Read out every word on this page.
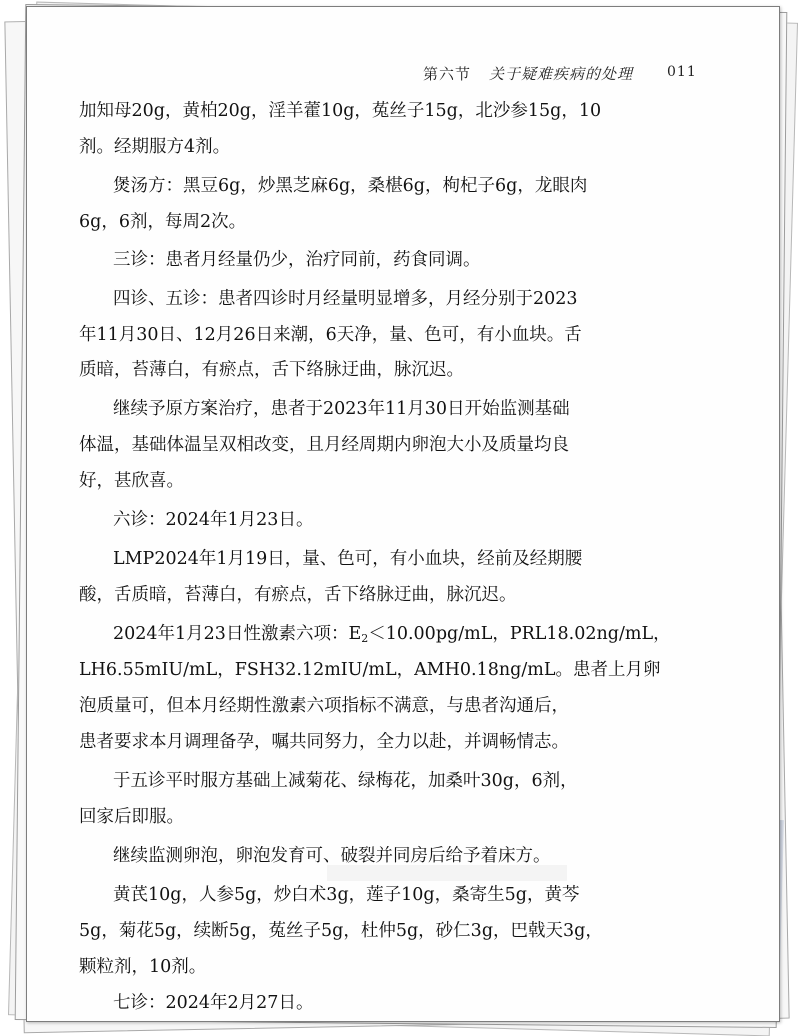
第六节 关于疑难疾病的处理 011
加知母20g，黄柏20g，淫羊藿10g，菟丝子15g，北沙参15g，10
剂。经期服方4剂。
煲汤方：黑豆6g，炒黑芝麻6g，桑椹6g，枸杞子6g，龙眼肉
6g，6剂，每周2次。
三诊：患者月经量仍少，治疗同前，药食同调。
四诊、五诊：患者四诊时月经量明显增多，月经分别于2023
年11月30日、12月26日来潮，6天净，量、色可，有小血块。舌
质暗，苔薄白，有瘀点，舌下络脉迂曲，脉沉迟。
继续予原方案治疗，患者于2023年11月30日开始监测基础
体温，基础体温呈双相改变，且月经周期内卵泡大小及质量均良
好，甚欣喜。
六诊：2024年1月23日。
LMP2024年1月19日，量、色可，有小血块，经前及经期腰
酸，舌质暗，苔薄白，有瘀点，舌下络脉迂曲，脉沉迟。
2024年1月23日性激素六项：$E_2<10.00pg/mL$，PRL18.02ng/mL，
LH6.55mIU/mL，FSH32.12mIU/mL，AMH0.18ng/mL。患者上月卵
泡质量可，但本月经期性激素六项指标不满意，与患者沟通后，
患者要求本月调理备孕，嘱共同努力，全力以赴，并调畅情志。
于五诊平时服方基础上减菊花、绿梅花，加桑叶30g，6剂，
回家后即服。
继续监测卵泡，卵泡发育可、破裂并同房后给予着床方。
黄芪10g，人参5g，炒白术3g，莲子10g，桑寄生5g，黄芩
5g，菊花5g，续断5g，菟丝子5g，杜仲5g，砂仁3g，巴戟天3g，
颗粒剂，10剂。
七诊：2024年2月27日。
